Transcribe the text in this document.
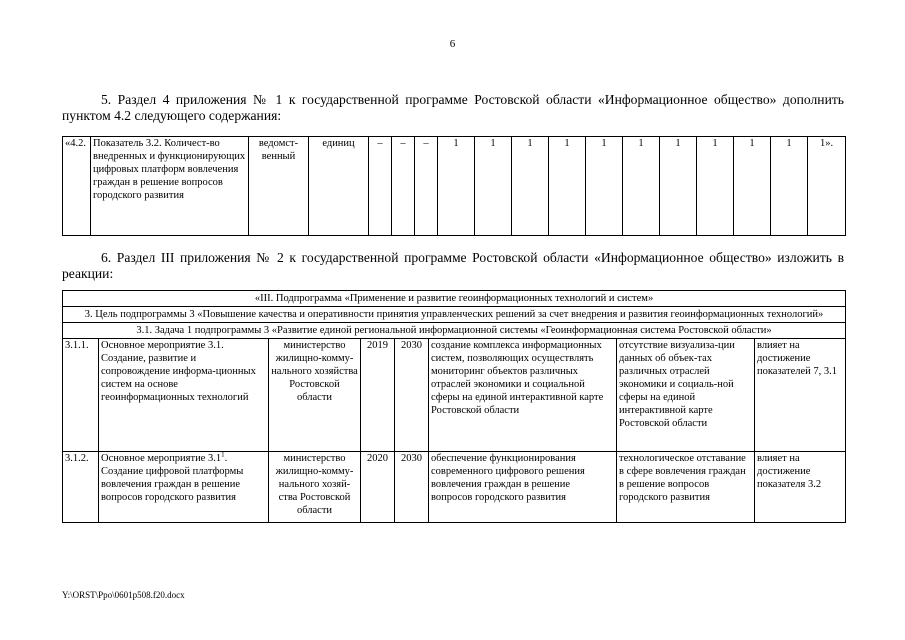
6
5. Раздел 4 приложения № 1 к государственной программе Ростовской области «Информационное общество» дополнить пунктом 4.2 следующего содержания:
«4.2.	Показатель 3.2. Количест-во внедренных и функционирующих цифровых платформ вовлечения граждан в решение вопросов городского развития	ведомст-венный	единиц	–	–	–	1	1	1	1	1	1	1	1	1	1	1».
6. Раздел III приложения № 2 к государственной программе Ростовской области «Информационное общество» изложить в реакции:
«III. Подпрограмма «Применение и развитие геоинформационных технологий и систем»							
3. Цель подпрограммы 3 «Повышение качества и оперативности принятия управленческих решений за счет внедрения и развития геоинформационных технологий»							
3.1. Задача 1 подпрограммы 3 «Развитие единой региональной информационной системы «Геоинформационная система Ростовской области»							
3.1.1.	Основное мероприятие 3.1. Создание, развитие и сопровождение информа-ционных систем на основе геоинформационных технологий	министерство жилищно-комму-нального хозяйства Ростовской области	2019	2030	создание комплекса информационных систем, позволяющих осуществлять мониторинг объектов различных отраслей экономики и социальной сферы на единой интерактивной карте Ростовской области	отсутствие визуализа-ции данных об объек-тах различных отраслей экономики и социаль-ной сферы на единой интерактивной карте Ростовской области	влияет на достижение показателей 7, 3.1
3.1.2.	Основное мероприятие $3.1^1$. Создание цифровой платформы вовлечения граждан в решение вопросов городского развития	министерство жилищно-комму-нального хозяй-ства Ростовской области	2020	2030	обеспечение функционирования современного цифрового решения вовлечения граждан в решение вопросов городского развития	технологическое отставание в сфере вовлечения граждан в решение вопросов городского развития	влияет на достижение показателя 3.2
Y:\ORST\Ppo\0601p508.f20.docx
